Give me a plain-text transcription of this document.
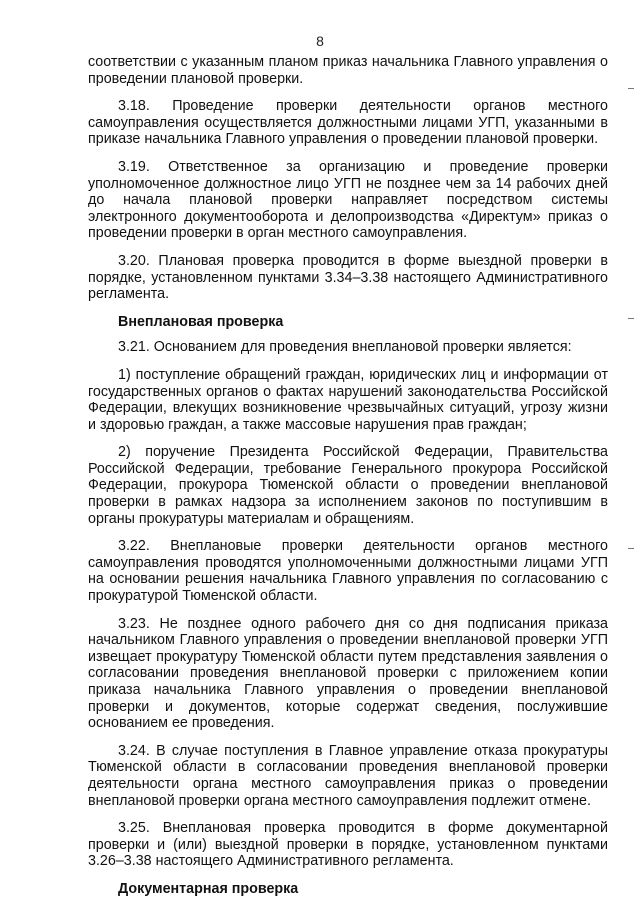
8

соответствии с указанным планом приказ начальника Главного управления о проведении плановой проверки.

3.18. Проведение проверки деятельности органов местного самоуправления осуществляется должностными лицами УГП, указанными в приказе начальника Главного управления о проведении плановой проверки.

3.19. Ответственное за организацию и проведение проверки уполномоченное должностное лицо УГП не позднее чем за 14 рабочих дней до начала плановой проверки направляет посредством системы электронного документооборота и делопроизводства «Директум» приказ о проведении проверки в орган местного самоуправления.

3.20. Плановая проверка проводится в форме выездной проверки в порядке, установленном пунктами 3.34–3.38 настоящего Административного регламента.

Внеплановая проверка

3.21. Основанием для проведения внеплановой проверки является:

1) поступление обращений граждан, юридических лиц и информации от государственных органов о фактах нарушений законодательства Российской Федерации, влекущих возникновение чрезвычайных ситуаций, угрозу жизни и здоровью граждан, а также массовые нарушения прав граждан;

2) поручение Президента Российской Федерации, Правительства Российской Федерации, требование Генерального прокурора Российской Федерации, прокурора Тюменской области о проведении внеплановой проверки в рамках надзора за исполнением законов по поступившим в органы прокуратуры материалам и обращениям.

3.22. Внеплановые проверки деятельности органов местного самоуправления проводятся уполномоченными должностными лицами УГП на основании решения начальника Главного управления по согласованию с прокуратурой Тюменской области.

3.23. Не позднее одного рабочего дня со дня подписания приказа начальником Главного управления о проведении внеплановой проверки УГП извещает прокуратуру Тюменской области путем представления заявления о согласовании проведения внеплановой проверки с приложением копии приказа начальника Главного управления о проведении внеплановой проверки и документов, которые содержат сведения, послужившие основанием ее проведения.

3.24. В случае поступления в Главное управление отказа прокуратуры Тюменской области в согласовании проведения внеплановой проверки деятельности органа местного самоуправления приказ о проведении внеплановой проверки органа местного самоуправления подлежит отмене.

3.25. Внеплановая проверка проводится в форме документарной проверки и (или) выездной проверки в порядке, установленном пунктами 3.26–3.38 настоящего Административного регламента.

Документарная проверка
